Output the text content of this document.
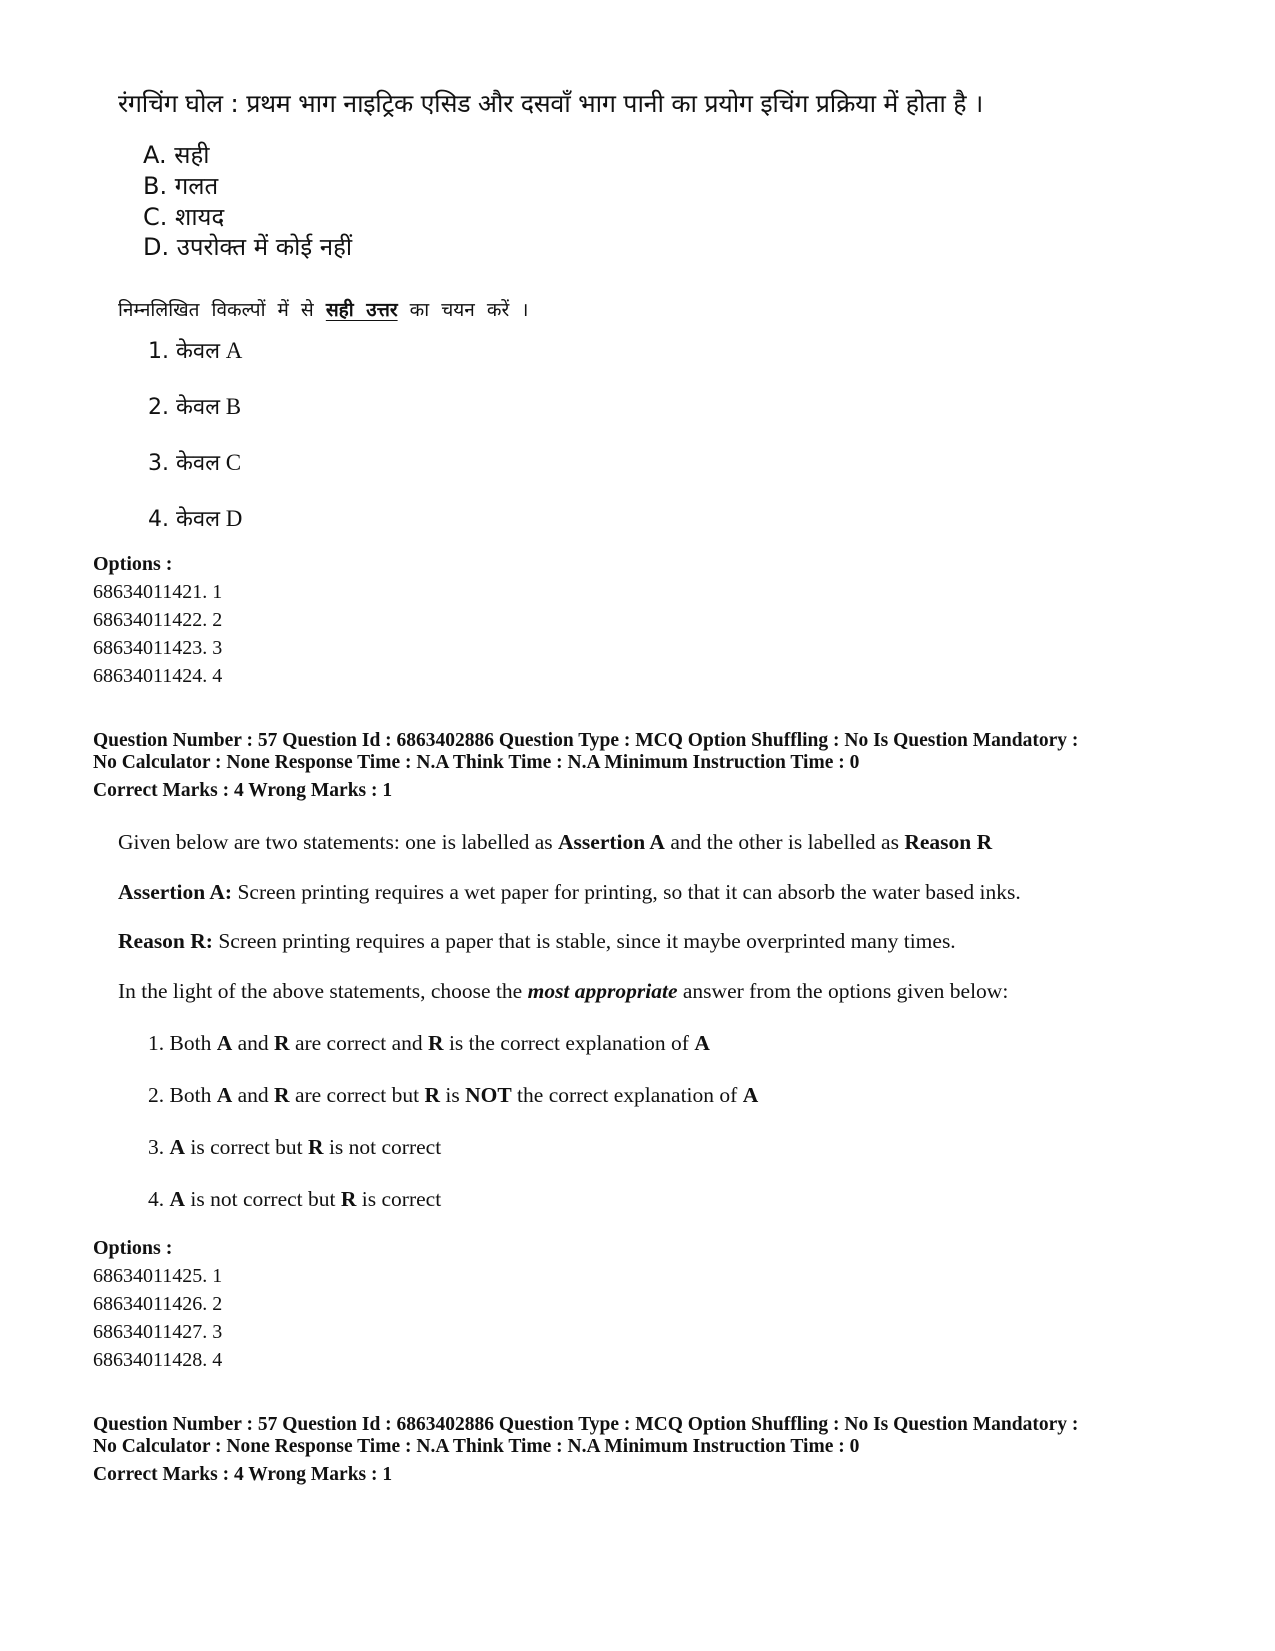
रंगचिंग घोल : प्रथम भाग नाइट्रिक एसिड और दसवाँ भाग पानी का प्रयोग इचिंग प्रक्रिया में होता है ।
A. सही
B. गलत
C. शायद
D. उपरोक्त में कोई नहीं
निम्नलिखित विकल्पों में से सही उत्तर का चयन करें ।
1. केवल A
2. केवल B
3. केवल C
4. केवल D
Options :
68634011421. 1
68634011422. 2
68634011423. 3
68634011424. 4
Question Number : 57 Question Id : 6863402886 Question Type : MCQ Option Shuffling : No Is Question Mandatory :
No Calculator : None Response Time : N.A Think Time : N.A Minimum Instruction Time : 0
Correct Marks : 4 Wrong Marks : 1
Given below are two statements: one is labelled as Assertion A and the other is labelled as Reason R
Assertion A: Screen printing requires a wet paper for printing, so that it can absorb the water based inks.
Reason R: Screen printing requires a paper that is stable, since it maybe overprinted many times.
In the light of the above statements, choose the most appropriate answer from the options given below:
1. Both A and R are correct and R is the correct explanation of A
2. Both A and R are correct but R is NOT the correct explanation of A
3. A is correct but R is not correct
4. A is not correct but R is correct
Options :
68634011425. 1
68634011426. 2
68634011427. 3
68634011428. 4
Question Number : 57 Question Id : 6863402886 Question Type : MCQ Option Shuffling : No Is Question Mandatory :
No Calculator : None Response Time : N.A Think Time : N.A Minimum Instruction Time : 0
Correct Marks : 4 Wrong Marks : 1
